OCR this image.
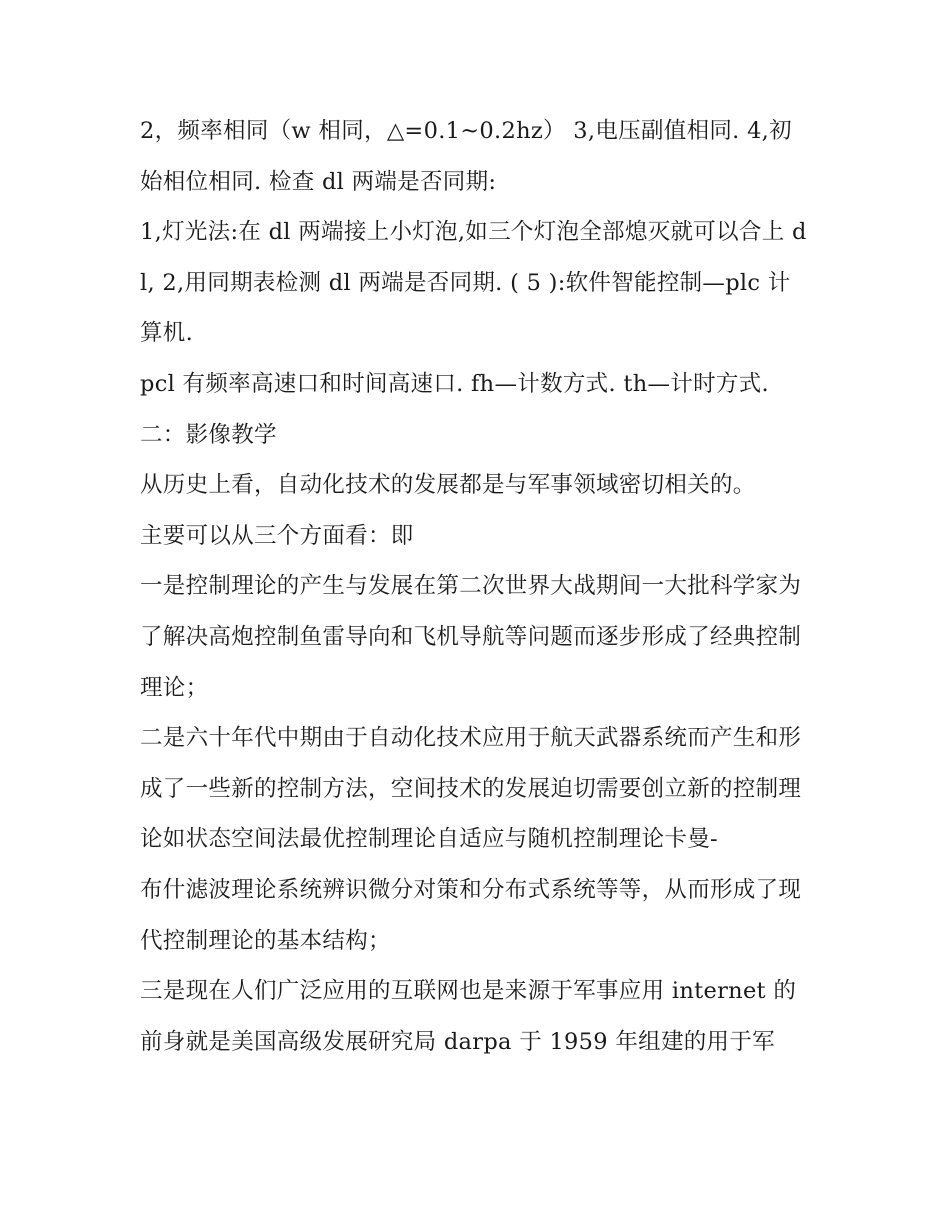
2，频率相同（w 相同，△=0.1~0.2hz） 3,电压副值相同. 4,初始相位相同. 检查 dl 两端是否同期:

1,灯光法:在 dl 两端接上小灯泡,如三个灯泡全部熄灭就可以合上 dl, 2,用同期表检测 dl 两端是否同期. ( 5 ):软件智能控制—plc 计算机.

pcl 有频率高速口和时间高速口. fh—计数方式. th—计时方式.

二：影像教学

从历史上看，自动化技术的发展都是与军事领域密切相关的。

主要可以从三个方面看：即

一是控制理论的产生与发展在第二次世界大战期间一大批科学家为了解决高炮控制鱼雷导向和飞机导航等问题而逐步形成了经典控制理论；

二是六十年代中期由于自动化技术应用于航天武器系统而产生和形成了一些新的控制方法，空间技术的发展迫切需要创立新的控制理论如状态空间法最优控制理论自适应与随机控制理论卡曼-

布什滤波理论系统辨识微分对策和分布式系统等等，从而形成了现代控制理论的基本结构；

三是现在人们广泛应用的互联网也是来源于军事应用 internet 的前身就是美国高级发展研究局 darpa 于 1959 年组建的用于军
